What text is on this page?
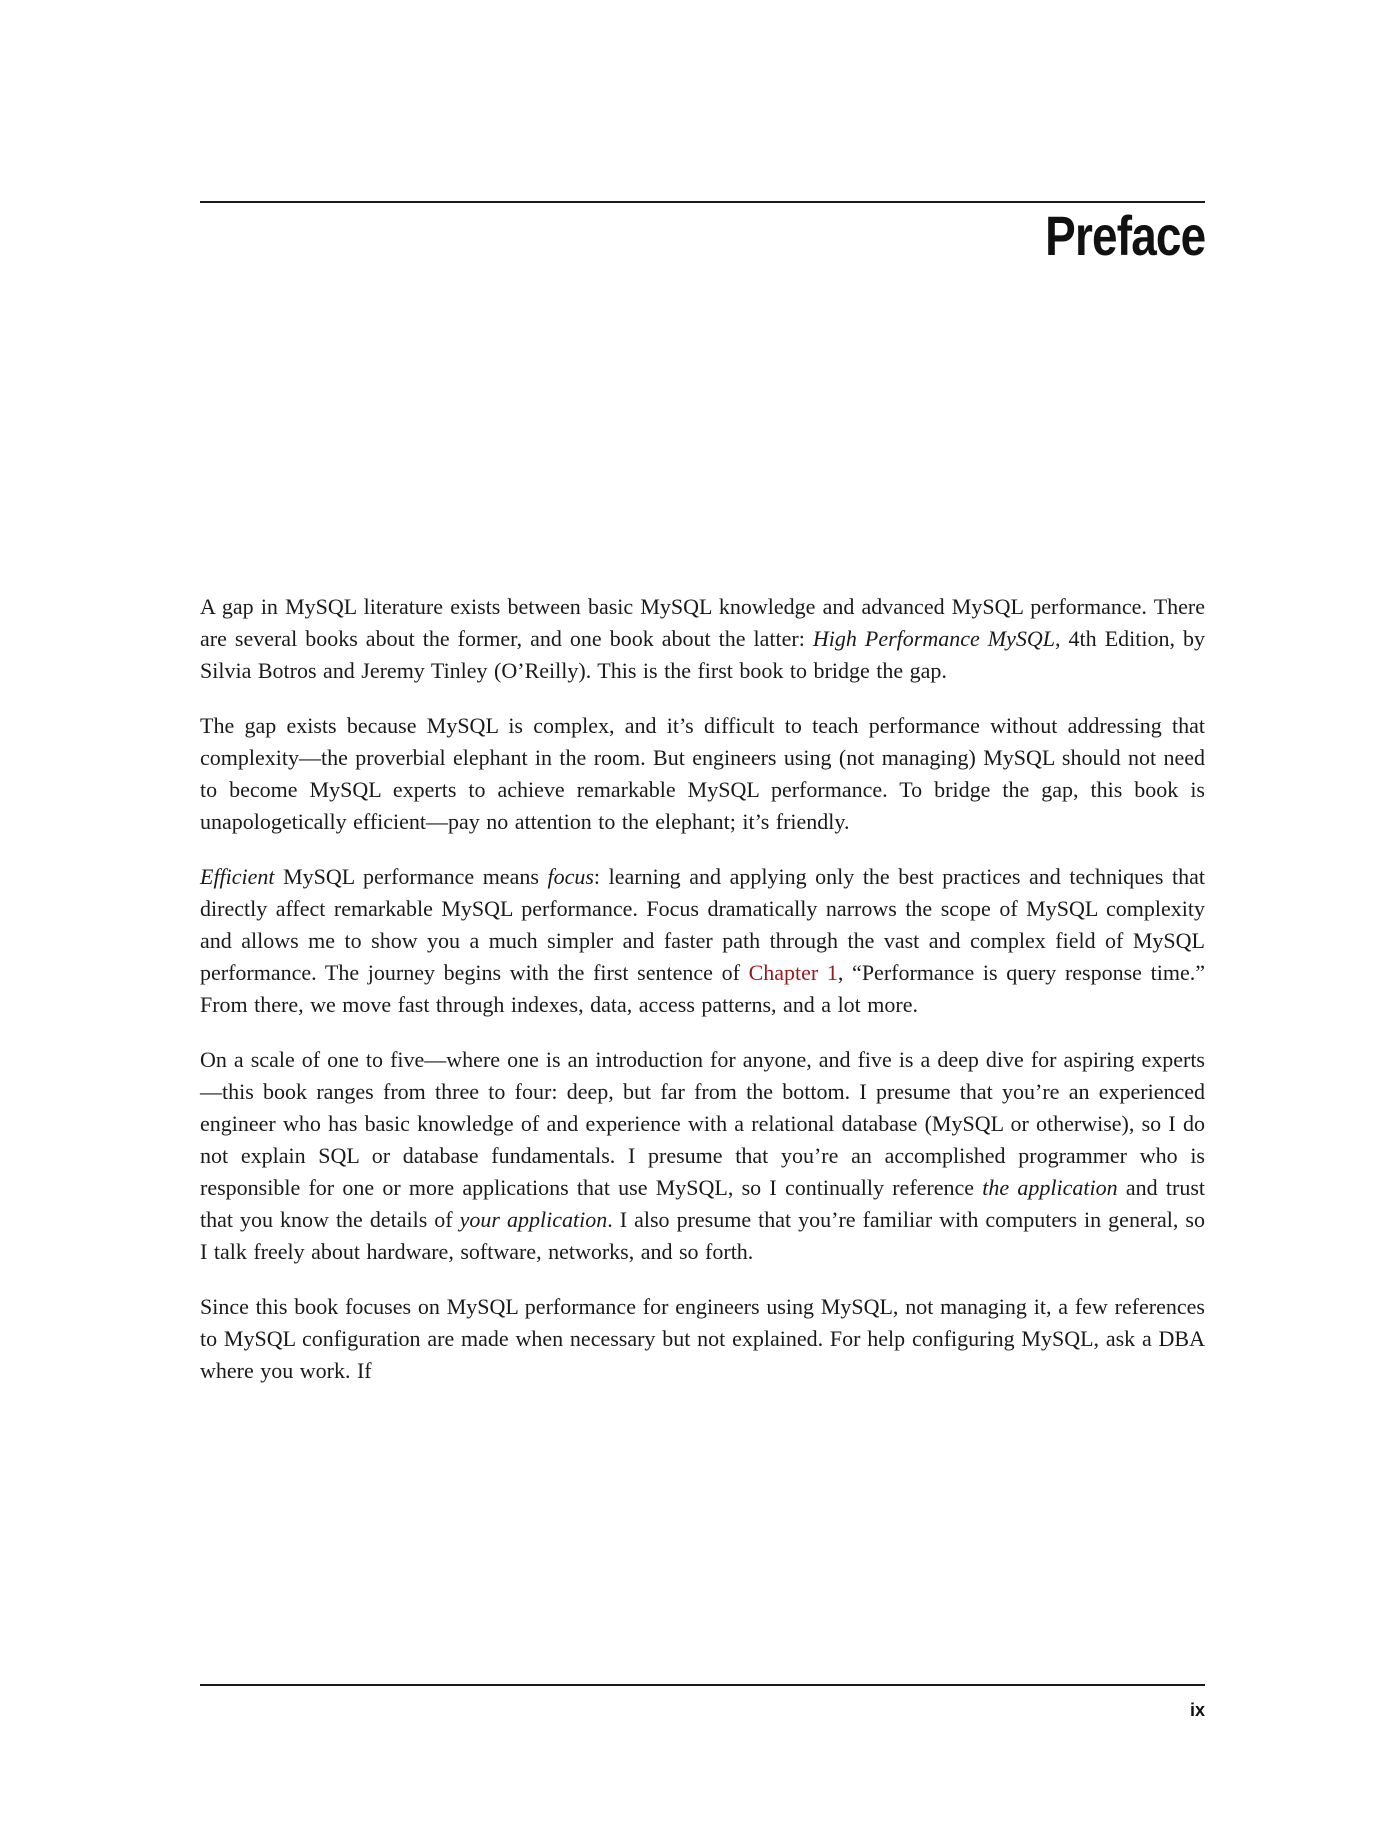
Preface

A gap in MySQL literature exists between basic MySQL knowledge and advanced MySQL performance. There are several books about the former, and one book about the latter: High Performance MySQL, 4th Edition, by Silvia Botros and Jeremy Tinley (O’Reilly). This is the first book to bridge the gap.

The gap exists because MySQL is complex, and it’s difficult to teach performance without addressing that complexity—the proverbial elephant in the room. But engineers using (not managing) MySQL should not need to become MySQL experts to achieve remarkable MySQL performance. To bridge the gap, this book is unapologetically efficient—pay no attention to the elephant; it’s friendly.

Efficient MySQL performance means focus: learning and applying only the best practices and techniques that directly affect remarkable MySQL performance. Focus dramatically narrows the scope of MySQL complexity and allows me to show you a much simpler and faster path through the vast and complex field of MySQL performance. The journey begins with the first sentence of Chapter 1, “Performance is query response time.” From there, we move fast through indexes, data, access patterns, and a lot more.

On a scale of one to five—where one is an introduction for anyone, and five is a deep dive for aspiring experts—this book ranges from three to four: deep, but far from the bottom. I presume that you’re an experienced engineer who has basic knowledge of and experience with a relational database (MySQL or otherwise), so I do not explain SQL or database fundamentals. I presume that you’re an accomplished programmer who is responsible for one or more applications that use MySQL, so I continually reference the application and trust that you know the details of your application. I also presume that you’re familiar with computers in general, so I talk freely about hardware, software, networks, and so forth.

Since this book focuses on MySQL performance for engineers using MySQL, not managing it, a few references to MySQL configuration are made when necessary but not explained. For help configuring MySQL, ask a DBA where you work. If

ix
